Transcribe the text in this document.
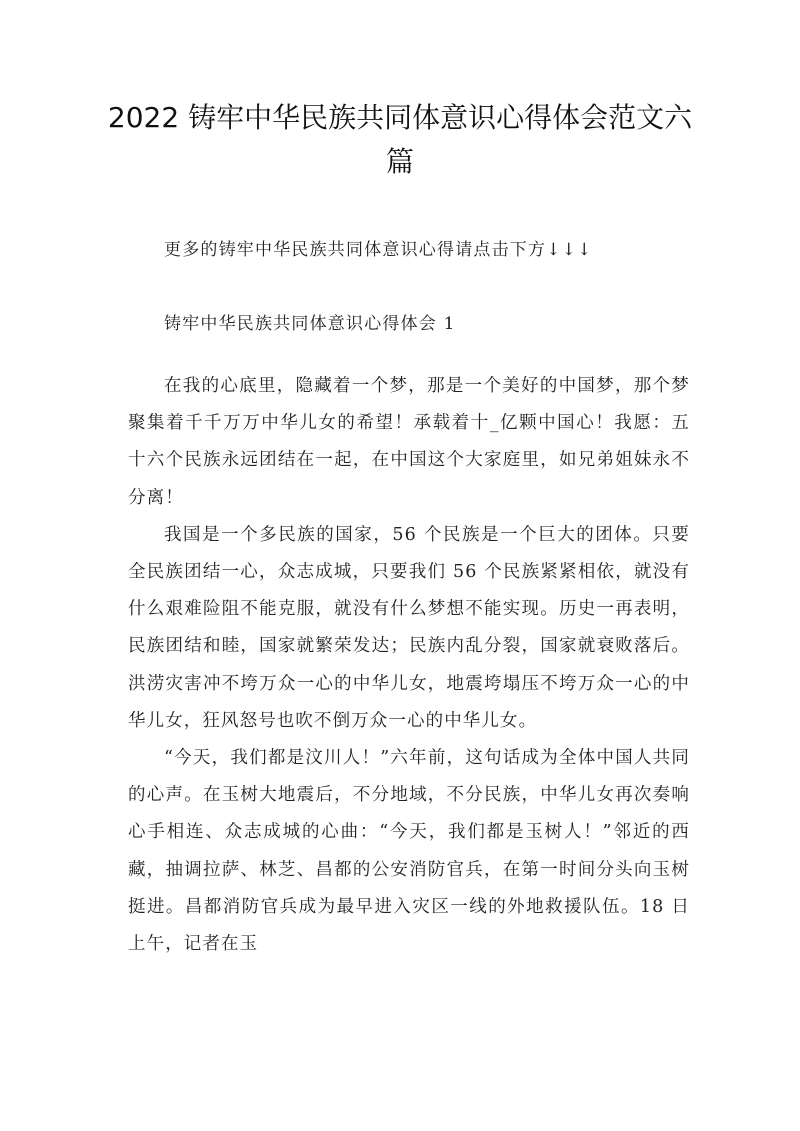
2022 铸牢中华民族共同体意识心得体会范文六篇

更多的铸牢中华民族共同体意识心得请点击下方↓↓↓

铸牢中华民族共同体意识心得体会 1

在我的心底里，隐藏着一个梦，那是一个美好的中国梦，那个梦聚集着千千万万中华儿女的希望！承载着十_亿颗中国心！我愿：五十六个民族永远团结在一起，在中国这个大家庭里，如兄弟姐妹永不分离！

我国是一个多民族的国家，56 个民族是一个巨大的团体。只要全民族团结一心，众志成城，只要我们 56 个民族紧紧相依，就没有什么艰难险阻不能克服，就没有什么梦想不能实现。历史一再表明，民族团结和睦，国家就繁荣发达；民族内乱分裂，国家就衰败落后。洪涝灾害冲不垮万众一心的中华儿女，地震垮塌压不垮万众一心的中华儿女，狂风怒号也吹不倒万众一心的中华儿女。

“今天，我们都是汶川人！”六年前，这句话成为全体中国人共同的心声。在玉树大地震后，不分地域，不分民族，中华儿女再次奏响心手相连、众志成城的心曲：“今天，我们都是玉树人！”邻近的西藏，抽调拉萨、林芝、昌都的公安消防官兵，在第一时间分头向玉树挺进。昌都消防官兵成为最早进入灾区一线的外地救援队伍。18 日上午，记者在玉
